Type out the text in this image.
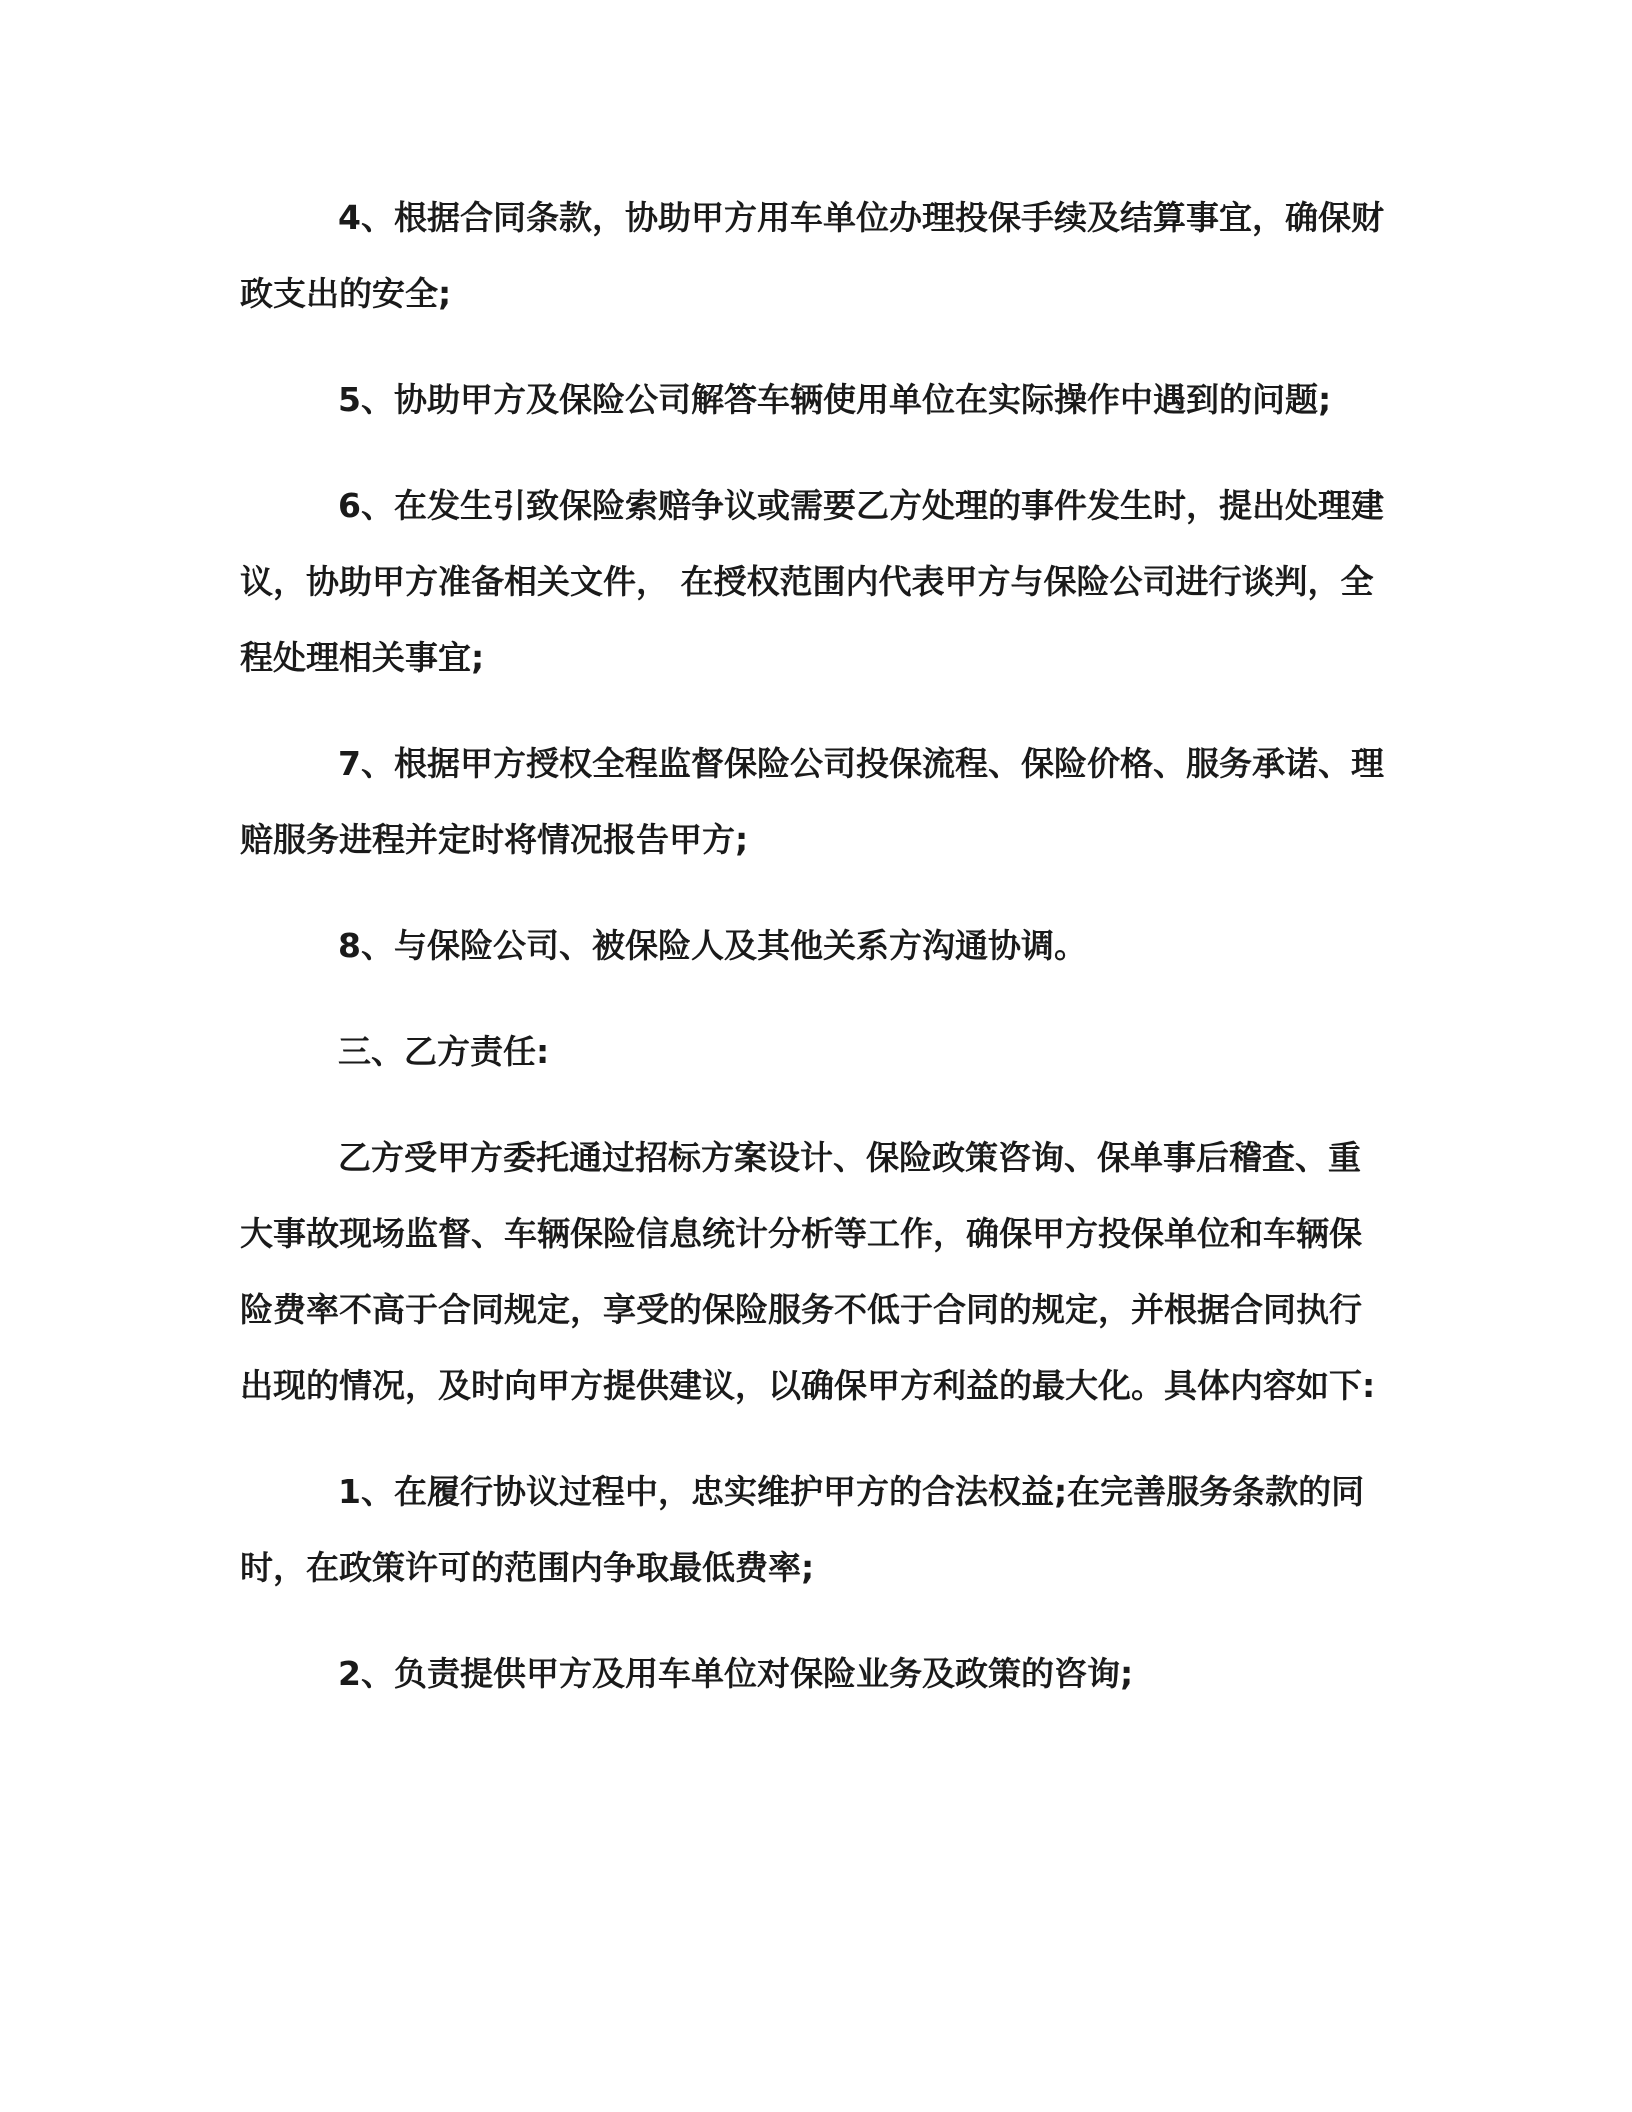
4、根据合同条款，协助甲方用车单位办理投保手续及结算事宜，确保财政支出的安全;

5、协助甲方及保险公司解答车辆使用单位在实际操作中遇到的问题;

6、在发生引致保险索赔争议或需要乙方处理的事件发生时，提出处理建议，协助甲方准备相关文件， 在授权范围内代表甲方与保险公司进行谈判，全程处理相关事宜;

7、根据甲方授权全程监督保险公司投保流程、保险价格、服务承诺、理赔服务进程并定时将情况报告甲方;

8、与保险公司、被保险人及其他关系方沟通协调。

三、乙方责任:

乙方受甲方委托通过招标方案设计、保险政策咨询、保单事后稽查、重大事故现场监督、车辆保险信息统计分析等工作，确保甲方投保单位和车辆保险费率不高于合同规定，享受的保险服务不低于合同的规定，并根据合同执行出现的情况，及时向甲方提供建议，以确保甲方利益的最大化。具体内容如下:

1、在履行协议过程中，忠实维护甲方的合法权益;在完善服务条款的同时，在政策许可的范围内争取最低费率;

2、负责提供甲方及用车单位对保险业务及政策的咨询;
